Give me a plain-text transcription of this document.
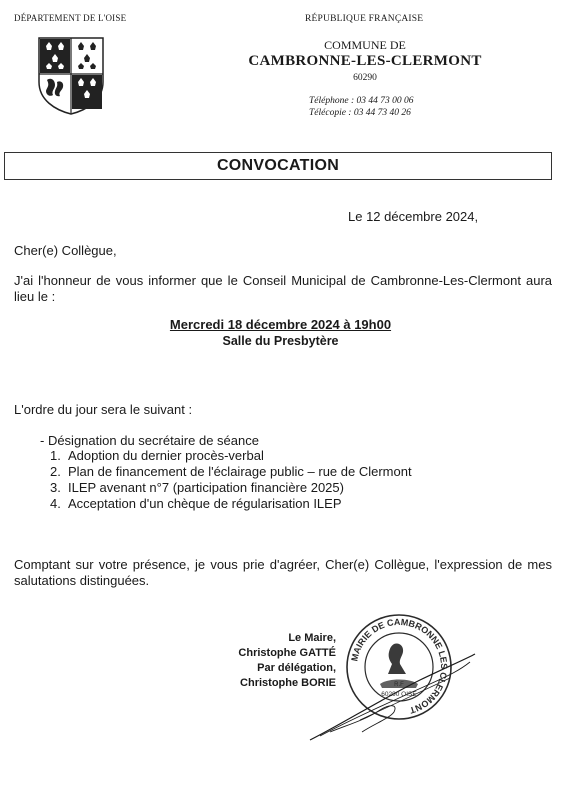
DÉPARTEMENT DE L'OISE	RÉPUBLIQUE FRANÇAISE
COMMUNE DE
CAMBRONNE-LES-CLERMONT
60290
Téléphone : 03 44 73 00 06
Télécopie : 03 44 73 40 26
CONVOCATION
Le 12 décembre 2024,
Cher(e) Collègue,
J'ai l'honneur de vous informer que le Conseil Municipal de Cambronne-Les-Clermont aura lieu le :
Mercredi 18 décembre 2024 à 19h00
Salle du Presbytère
L'ordre du jour sera le suivant :
- Désignation du secrétaire de séance
1. Adoption du dernier procès-verbal
2. Plan de financement de l'éclairage public – rue de Clermont
3. ILEP avenant n°7 (participation financière 2025)
4. Acceptation d'un chèque de régularisation ILEP
Comptant sur votre présence, je vous prie d'agréer, Cher(e) Collègue, l'expression de mes salutations distinguées.
Le Maire,
Christophe GATTÉ
Par délégation,
Christophe BORIE
MAIRIE DE CAMBRONNE LES CLERMONT
R.F
60290 OISE
